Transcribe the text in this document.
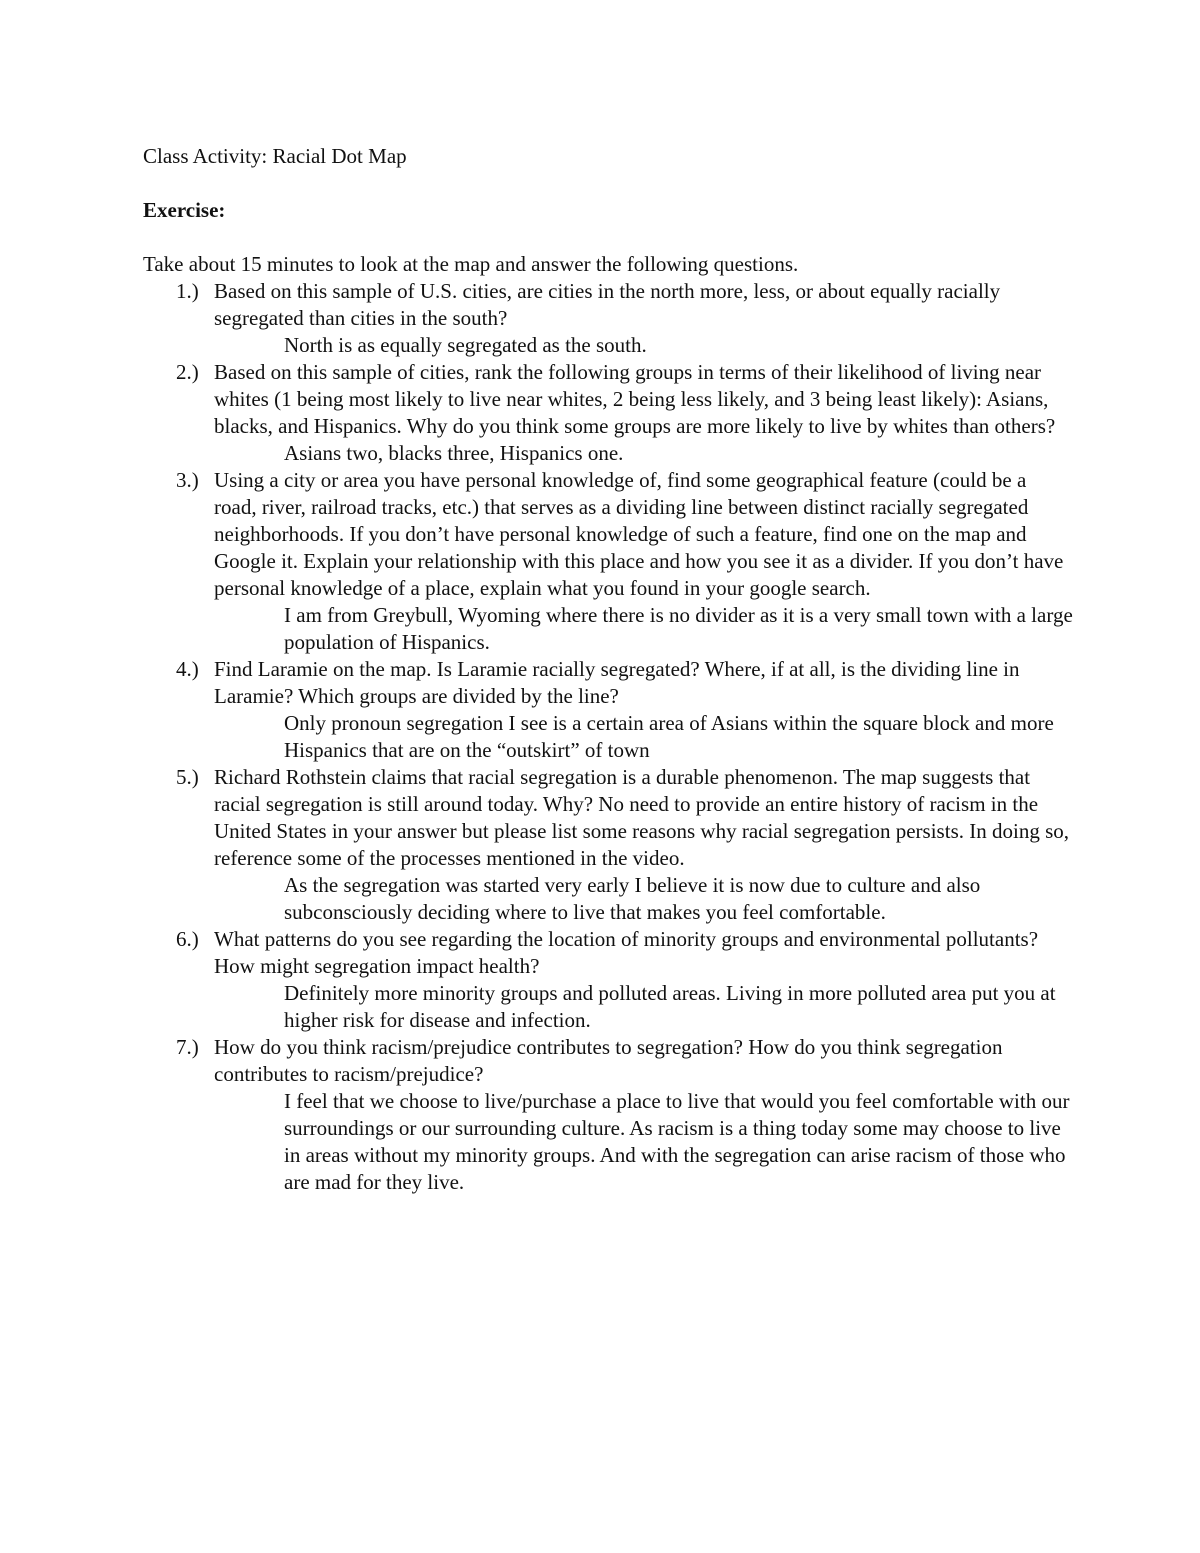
Class Activity: Racial Dot Map

Exercise:

Take about 15 minutes to look at the map and answer the following questions.

1.) Based on this sample of U.S. cities, are cities in the north more, less, or about equally racially segregated than cities in the south?
North is as equally segregated as the south.
2.) Based on this sample of cities, rank the following groups in terms of their likelihood of living near whites (1 being most likely to live near whites, 2 being less likely, and 3 being least likely): Asians, blacks, and Hispanics. Why do you think some groups are more likely to live by whites than others?
Asians two, blacks three, Hispanics one.
3.) Using a city or area you have personal knowledge of, find some geographical feature (could be a road, river, railroad tracks, etc.) that serves as a dividing line between distinct racially segregated neighborhoods. If you don’t have personal knowledge of such a feature, find one on the map and Google it. Explain your relationship with this place and how you see it as a divider. If you don’t have personal knowledge of a place, explain what you found in your google search.
I am from Greybull, Wyoming where there is no divider as it is a very small town with a large population of Hispanics.
4.) Find Laramie on the map. Is Laramie racially segregated? Where, if at all, is the dividing line in Laramie? Which groups are divided by the line?
Only pronoun segregation I see is a certain area of Asians within the square block and more Hispanics that are on the “outskirt” of town
5.) Richard Rothstein claims that racial segregation is a durable phenomenon. The map suggests that racial segregation is still around today. Why? No need to provide an entire history of racism in the United States in your answer but please list some reasons why racial segregation persists. In doing so, reference some of the processes mentioned in the video.
As the segregation was started very early I believe it is now due to culture and also subconsciously deciding where to live that makes you feel comfortable.
6.) What patterns do you see regarding the location of minority groups and environmental pollutants? How might segregation impact health?
Definitely more minority groups and polluted areas. Living in more polluted area put you at higher risk for disease and infection.
7.) How do you think racism/prejudice contributes to segregation? How do you think segregation contributes to racism/prejudice?
I feel that we choose to live/purchase a place to live that would you feel comfortable with our surroundings or our surrounding culture. As racism is a thing today some may choose to live in areas without my minority groups. And with the segregation can arise racism of those who are mad for they live.
